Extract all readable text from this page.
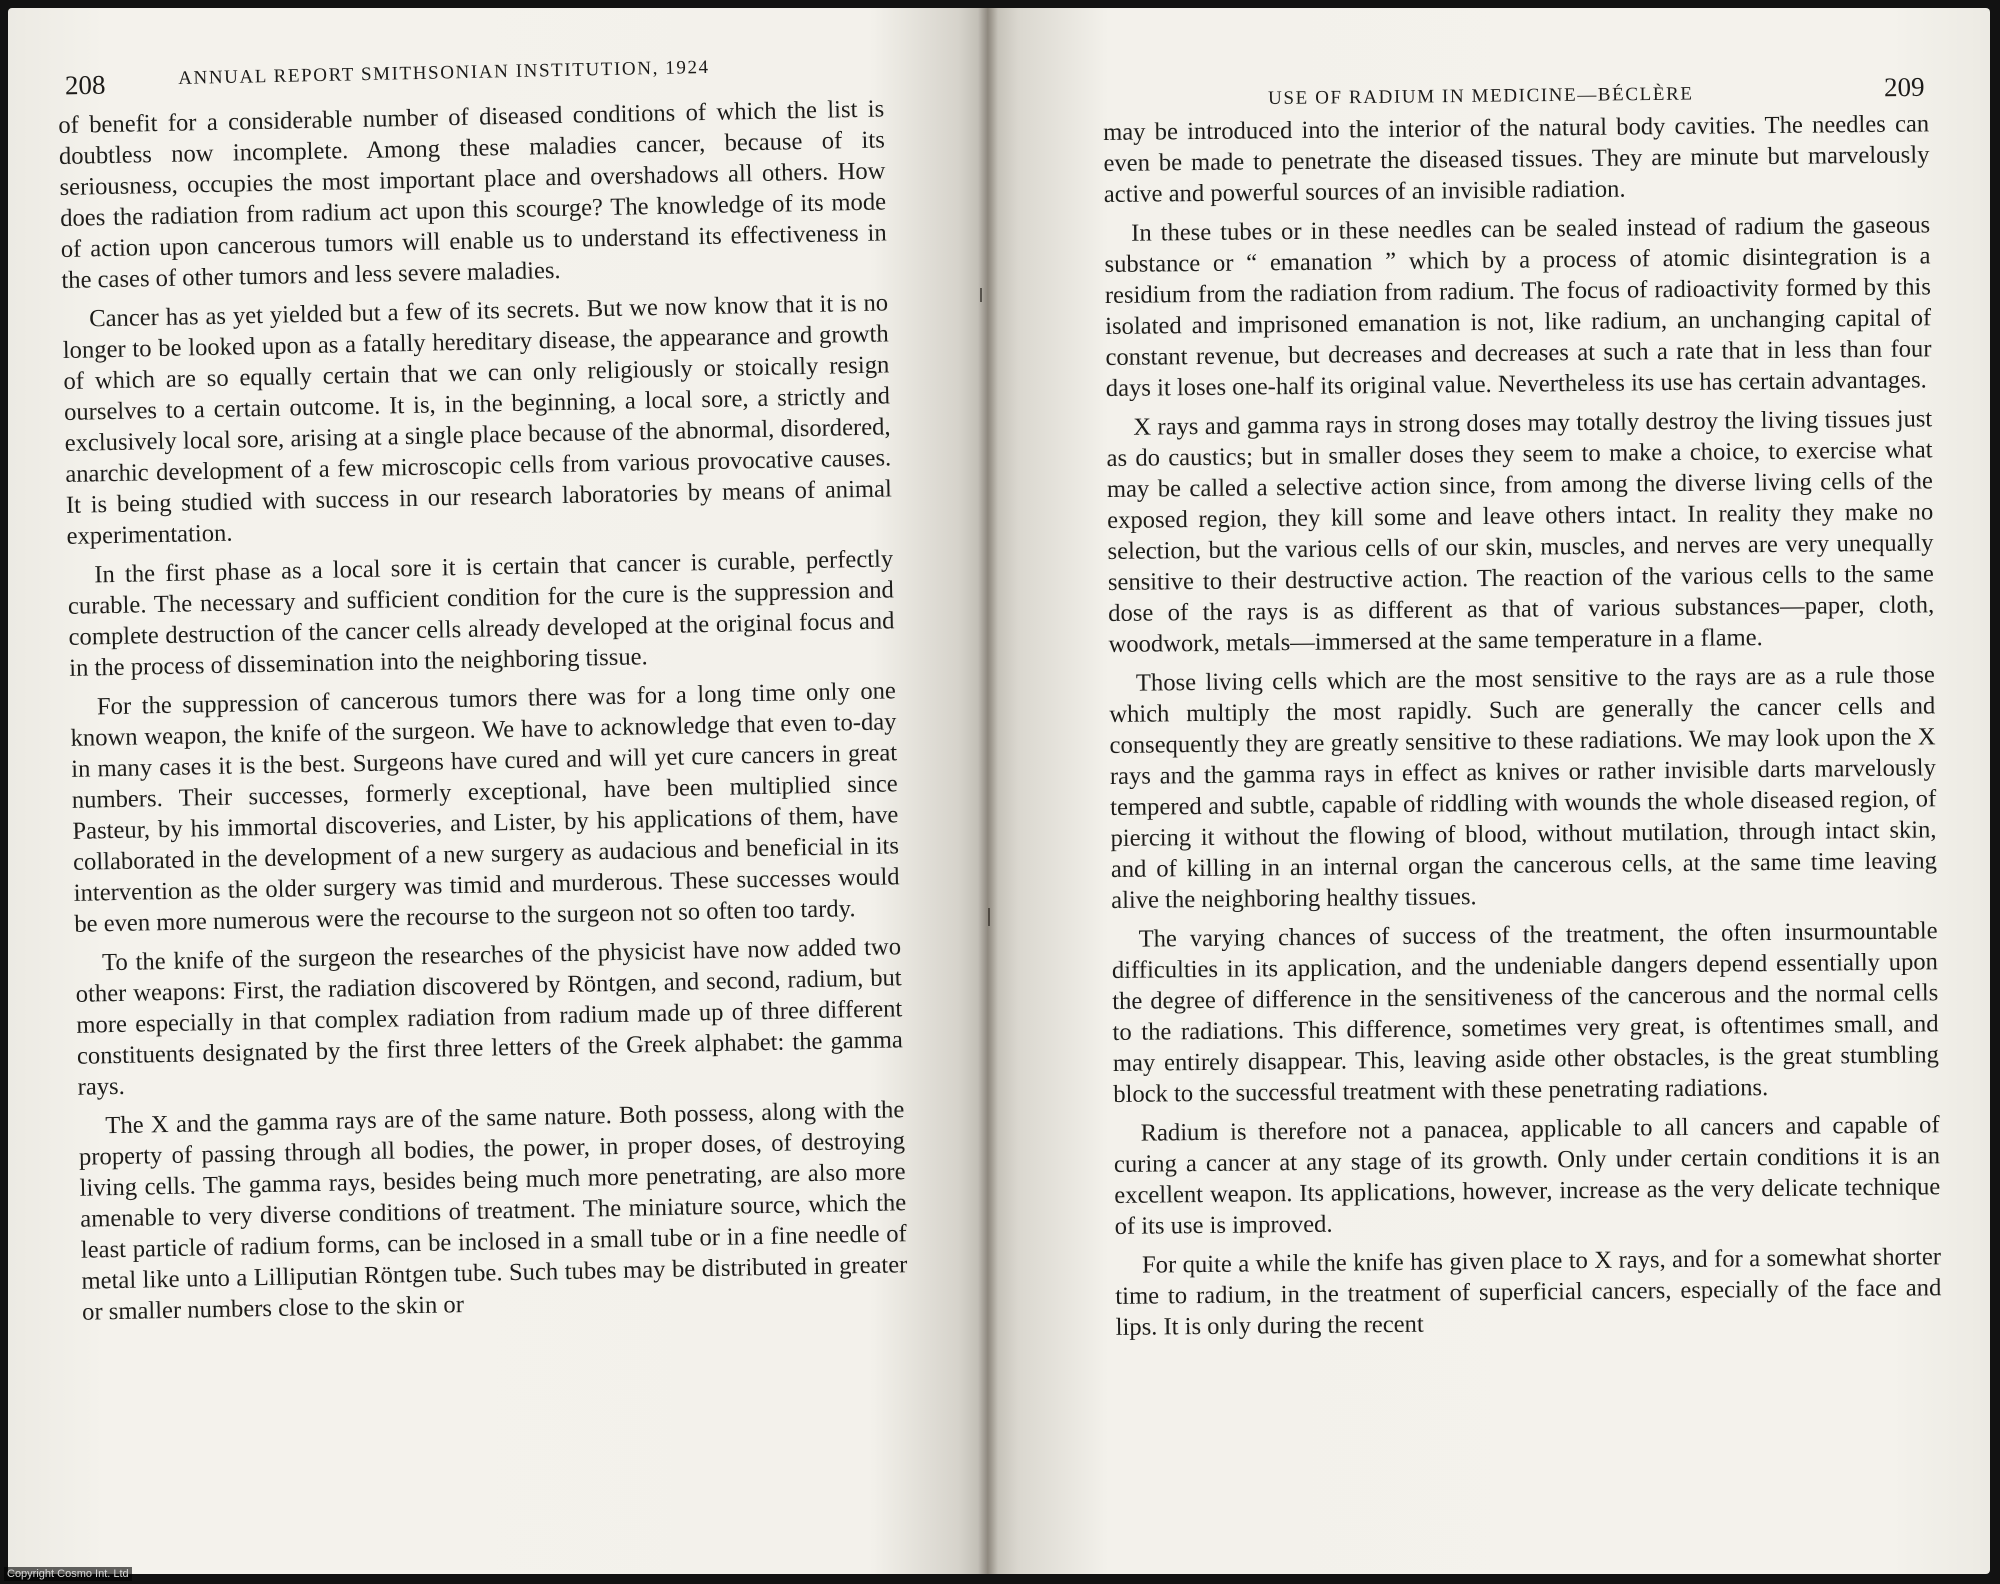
208	ANNUAL REPORT SMITHSONIAN INSTITUTION, 1924
USE OF RADIUM IN MEDICINE—BÉCLÈRE	209

of benefit for a considerable number of diseased conditions of which the list is doubtless now incomplete. Among these maladies cancer, because of its seriousness, occupies the most important place and overshadows all others. How does the radiation from radium act upon this scourge? The knowledge of its mode of action upon cancerous tumors will enable us to understand its effectiveness in the cases of other tumors and less severe maladies.

Cancer has as yet yielded but a few of its secrets. But we now know that it is no longer to be looked upon as a fatally hereditary disease, the appearance and growth of which are so equally certain that we can only religiously or stoically resign ourselves to a certain outcome. It is, in the beginning, a local sore, a strictly and exclusively local sore, arising at a single place because of the abnormal, disordered, anarchic development of a few microscopic cells from various provocative causes. It is being studied with success in our research laboratories by means of animal experimentation.

In the first phase as a local sore it is certain that cancer is curable, perfectly curable. The necessary and sufficient condition for the cure is the suppression and complete destruction of the cancer cells already developed at the original focus and in the process of dissemination into the neighboring tissue.

For the suppression of cancerous tumors there was for a long time only one known weapon, the knife of the surgeon. We have to acknowledge that even to-day in many cases it is the best. Surgeons have cured and will yet cure cancers in great numbers. Their successes, formerly exceptional, have been multiplied since Pasteur, by his immortal discoveries, and Lister, by his applications of them, have collaborated in the development of a new surgery as audacious and beneficial in its intervention as the older surgery was timid and murderous. These successes would be even more numerous were the recourse to the surgeon not so often too tardy.

To the knife of the surgeon the researches of the physicist have now added two other weapons: First, the radiation discovered by Röntgen, and second, radium, but more especially in that complex radiation from radium made up of three different constituents designated by the first three letters of the Greek alphabet: the gamma rays.

The X and the gamma rays are of the same nature. Both possess, along with the property of passing through all bodies, the power, in proper doses, of destroying living cells. The gamma rays, besides being much more penetrating, are also more amenable to very diverse conditions of treatment. The miniature source, which the least particle of radium forms, can be inclosed in a small tube or in a fine needle of metal like unto a Lilliputian Röntgen tube. Such tubes may be distributed in greater or smaller numbers close to the skin or

may be introduced into the interior of the natural body cavities. The needles can even be made to penetrate the diseased tissues. They are minute but marvelously active and powerful sources of an invisible radiation.

In these tubes or in these needles can be sealed instead of radium the gaseous substance or “ emanation ” which by a process of atomic disintegration is a residium from the radiation from radium. The focus of radioactivity formed by this isolated and imprisoned emanation is not, like radium, an unchanging capital of constant revenue, but decreases and decreases at such a rate that in less than four days it loses one-half its original value. Nevertheless its use has certain advantages.

X rays and gamma rays in strong doses may totally destroy the living tissues just as do caustics; but in smaller doses they seem to make a choice, to exercise what may be called a selective action since, from among the diverse living cells of the exposed region, they kill some and leave others intact. In reality they make no selection, but the various cells of our skin, muscles, and nerves are very unequally sensitive to their destructive action. The reaction of the various cells to the same dose of the rays is as different as that of various substances—paper, cloth, woodwork, metals—immersed at the same temperature in a flame.

Those living cells which are the most sensitive to the rays are as a rule those which multiply the most rapidly. Such are generally the cancer cells and consequently they are greatly sensitive to these radiations. We may look upon the X rays and the gamma rays in effect as knives or rather invisible darts marvelously tempered and subtle, capable of riddling with wounds the whole diseased region, of piercing it without the flowing of blood, without mutilation, through intact skin, and of killing in an internal organ the cancerous cells, at the same time leaving alive the neighboring healthy tissues.

The varying chances of success of the treatment, the often insurmountable difficulties in its application, and the undeniable dangers depend essentially upon the degree of difference in the sensitiveness of the cancerous and the normal cells to the radiations. This difference, sometimes very great, is oftentimes small, and may entirely disappear. This, leaving aside other obstacles, is the great stumbling block to the successful treatment with these penetrating radiations.

Radium is therefore not a panacea, applicable to all cancers and capable of curing a cancer at any stage of its growth. Only under certain conditions it is an excellent weapon. Its applications, however, increase as the very delicate technique of its use is improved.

For quite a while the knife has given place to X rays, and for a somewhat shorter time to radium, in the treatment of superficial cancers, especially of the face and lips. It is only during the recent

Copyright Cosmo Int. Ltd
